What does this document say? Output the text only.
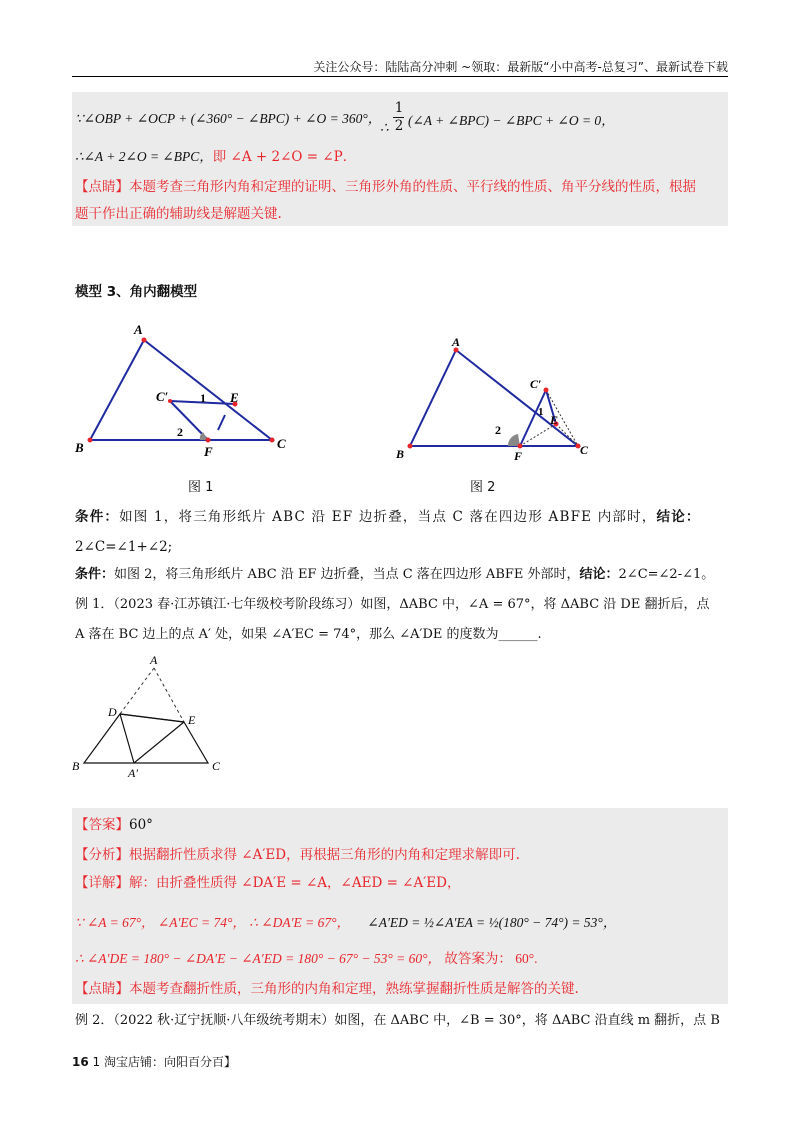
关注公众号：陆陆高分冲刺 ~领取：最新版“小中高考-总复习”、最新试卷下载
∵∠OBP + ∠OCP + (∠360° − ∠BPC) + ∠O = 360°，
∴
1
2 (∠A + ∠BPC) − ∠BPC + ∠O = 0，
∴∠A + 2∠O = ∠BPC，即 ∠A + 2∠O = ∠P．
【点睛】本题考查三角形内角和定理的证明、三角形外角的性质、平行线的性质、角平分线的性质，根据
题干作出正确的辅助线是解题关键.
模型 3、角内翻模型
A
B	C
C′	E
F
1
2
图 1
A
B	C
C′
E
F
1
2
图 2
条件：如图 1，将三角形纸片 ABC 沿 EF 边折叠，当点 C 落在四边形 ABFE 内部时，结论：
2∠C=∠1+∠2;
条件：如图 2，将三角形纸片 ABC 沿 EF 边折叠，当点 C 落在四边形 ABFE 外部时，结论：2∠C=∠2-∠1。
例 1．（2023 春·江苏镇江·七年级校考阶段练习）如图，ΔABC 中，∠A = 67°，将 ΔABC 沿 DE 翻折后，点
A 落在 BC 边上的点 A′ 处，如果 ∠A′EC = 74°，那么 ∠A′DE 的度数为______.
A
D
E
B	C
A′
【答案】60°
【分析】根据翻折性质求得 ∠A′ED，再根据三角形的内角和定理求解即可.
【详解】解：由折叠性质得 ∠DA′E = ∠A，∠AED = ∠A′ED，
∵ ∠A = 67°， ∠A′EC = 74°， ∴ ∠DA′E = 67°， ∠A′ED = ½∠A′EA = ½(180° − 74°) = 53°，
∴ ∠A′DE = 180° − ∠DA′E − ∠A′ED = 180° − 67° − 53° = 60°， 故答案为： 60°.
【点睛】本题考查翻折性质，三角形的内角和定理，熟练掌握翻折性质是解答的关键.
例 2．（2022 秋·辽宁抚顺·八年级统考期末）如图，在 ΔABC 中，∠B = 30°，将 ΔABC 沿直线 m 翻折，点 B
16 1 淘宝店铺：向阳百分百】
